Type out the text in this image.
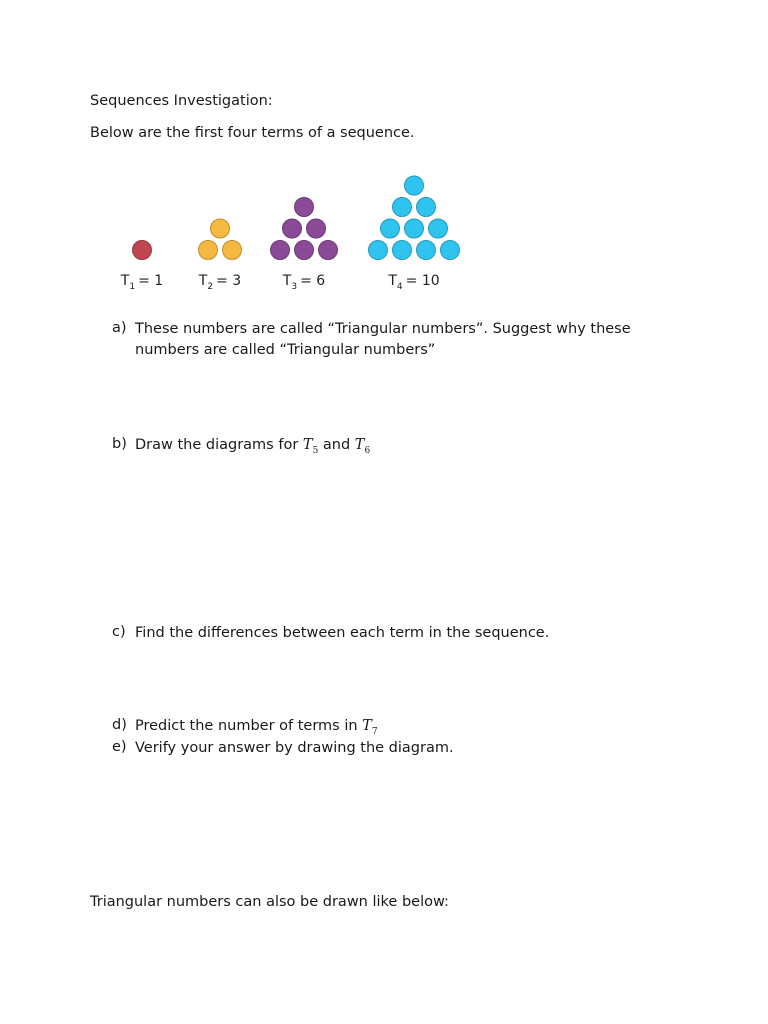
Sequences Investigation:
Below are the first four terms of a sequence.
$T_1 = 1$	$T_2 = 3$	$T_3 = 6$	$T_4 = 10$
a) These numbers are called “Triangular numbers”. Suggest why these
numbers are called “Triangular numbers”
b) Draw the diagrams for $T_5$ and $T_6$
c) Find the differences between each term in the sequence.
d) Predict the number of terms in $T_7$
e) Verify your answer by drawing the diagram.
Triangular numbers can also be drawn like below:
